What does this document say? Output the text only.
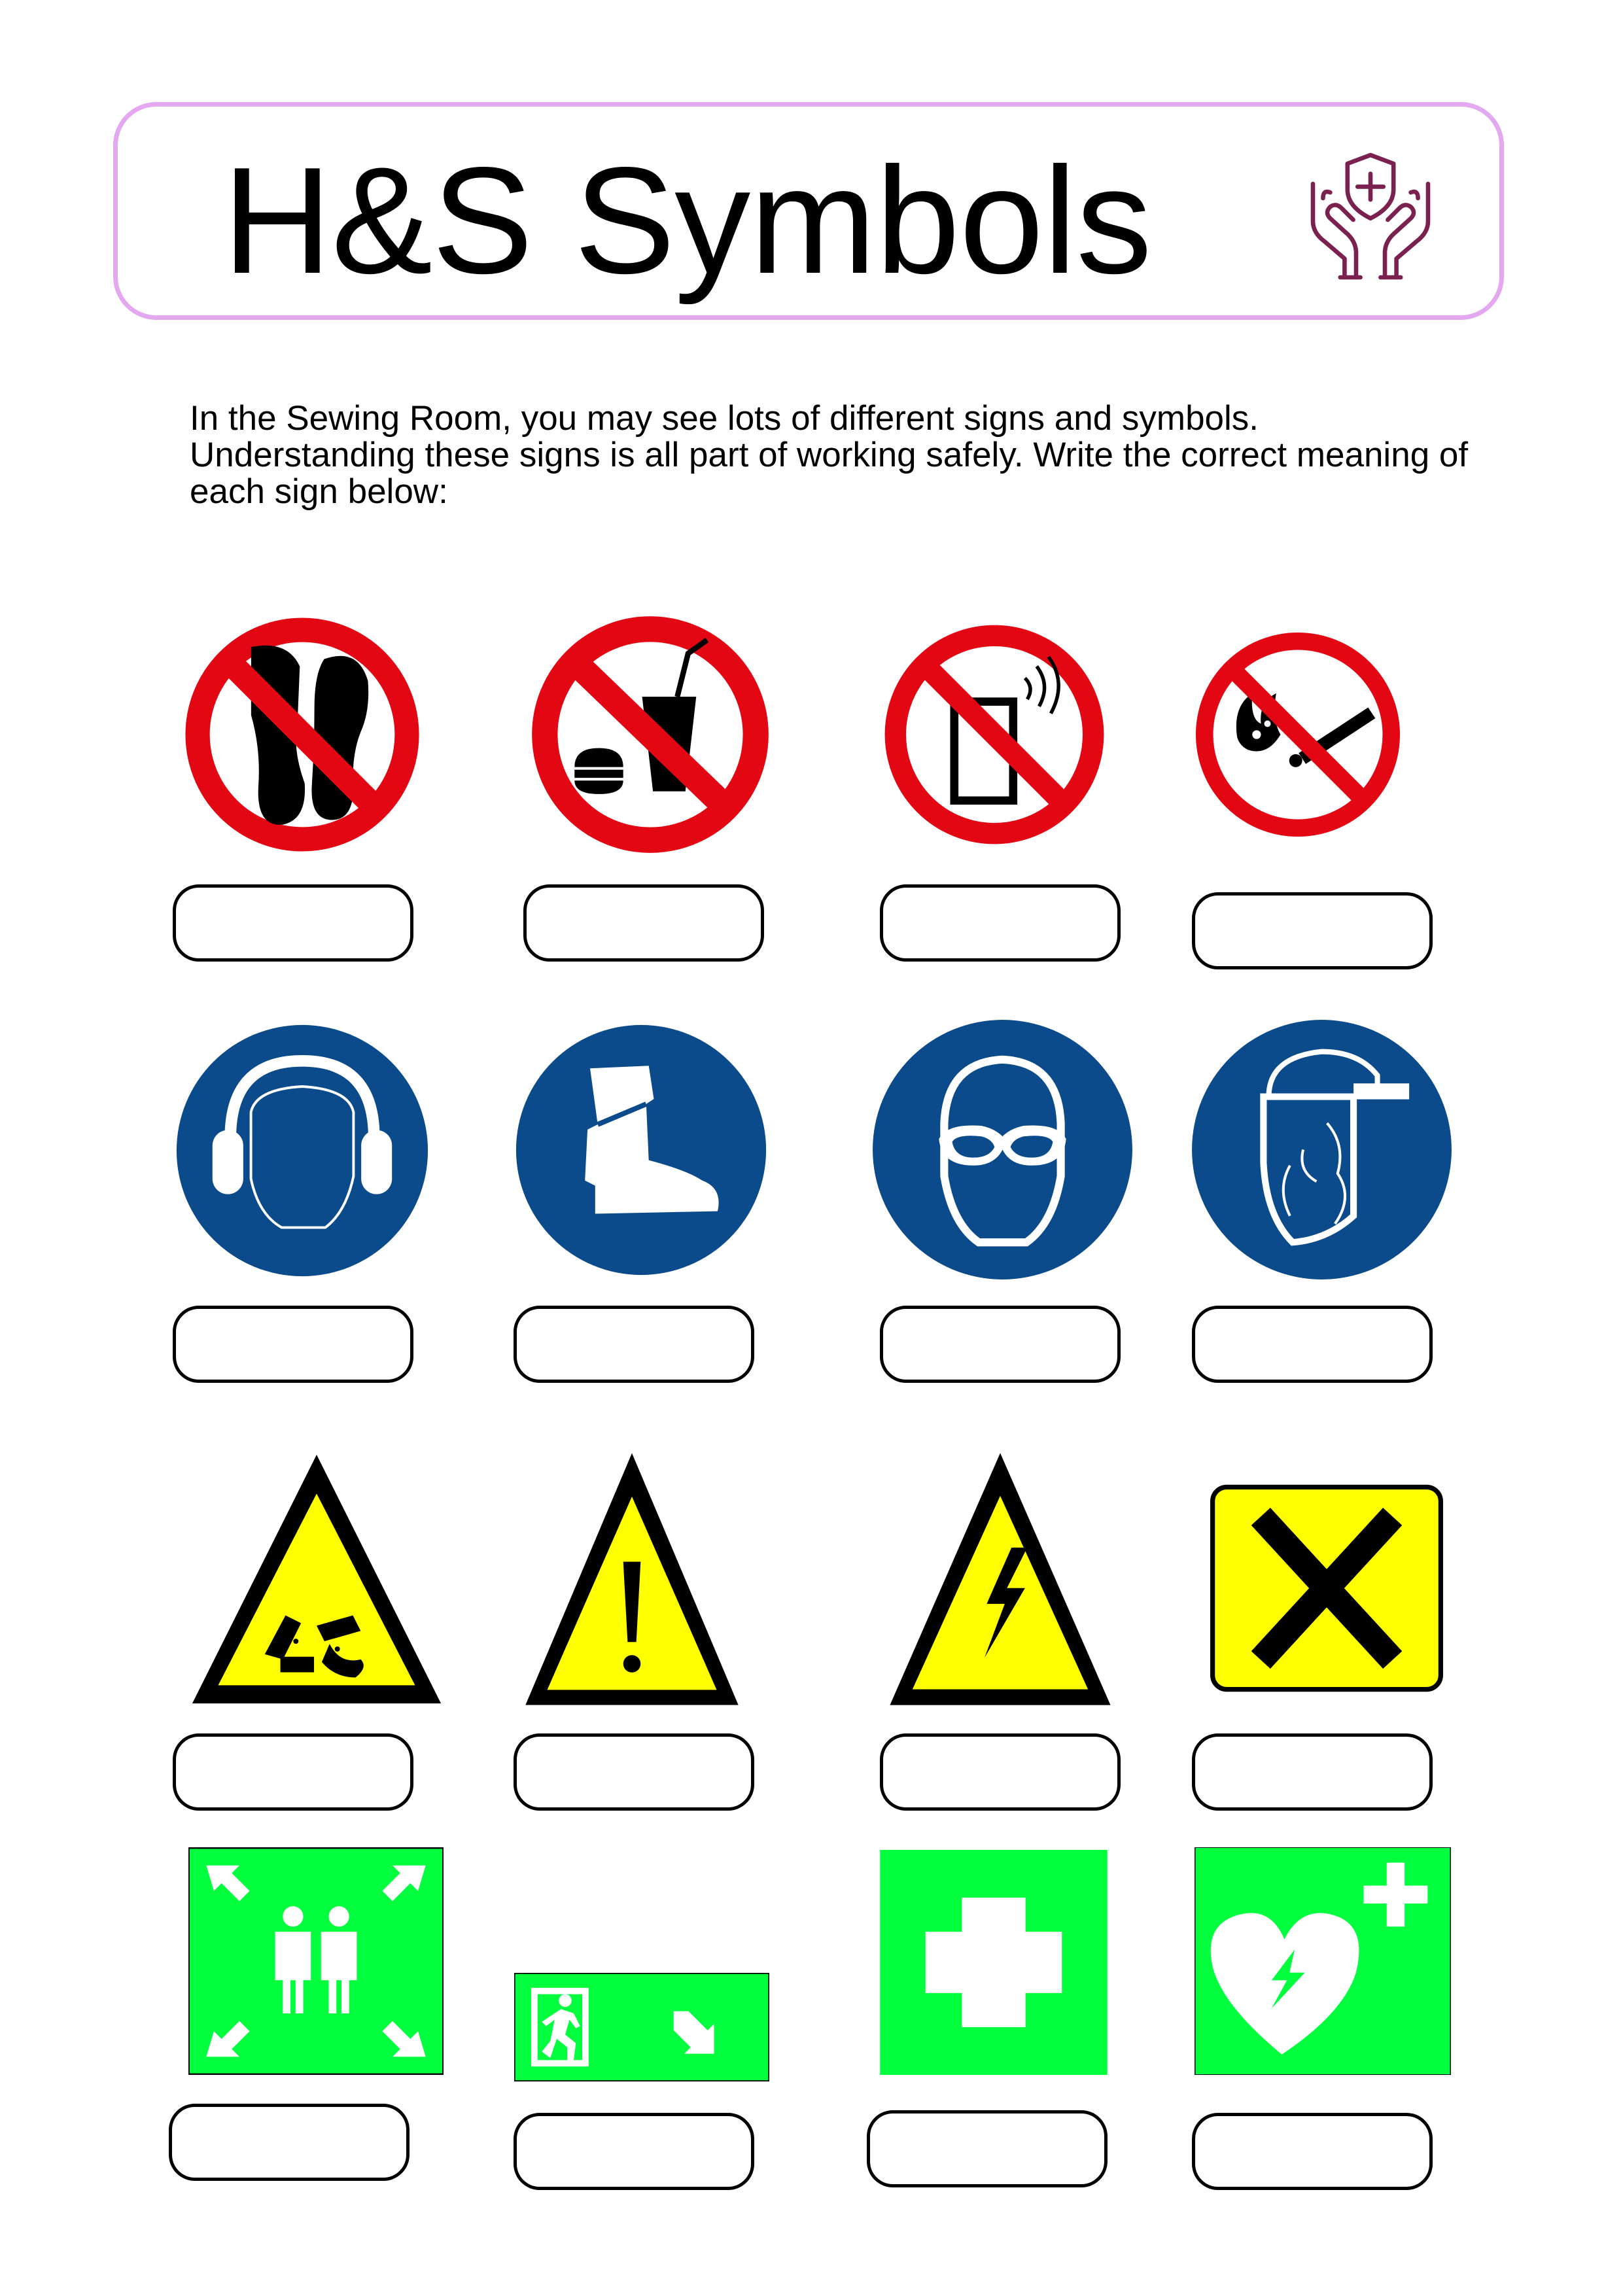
H&S Symbols

In the Sewing Room, you may see lots of different signs and symbols. Understanding these signs is all part of working safely. Write the correct meaning of each sign below:
